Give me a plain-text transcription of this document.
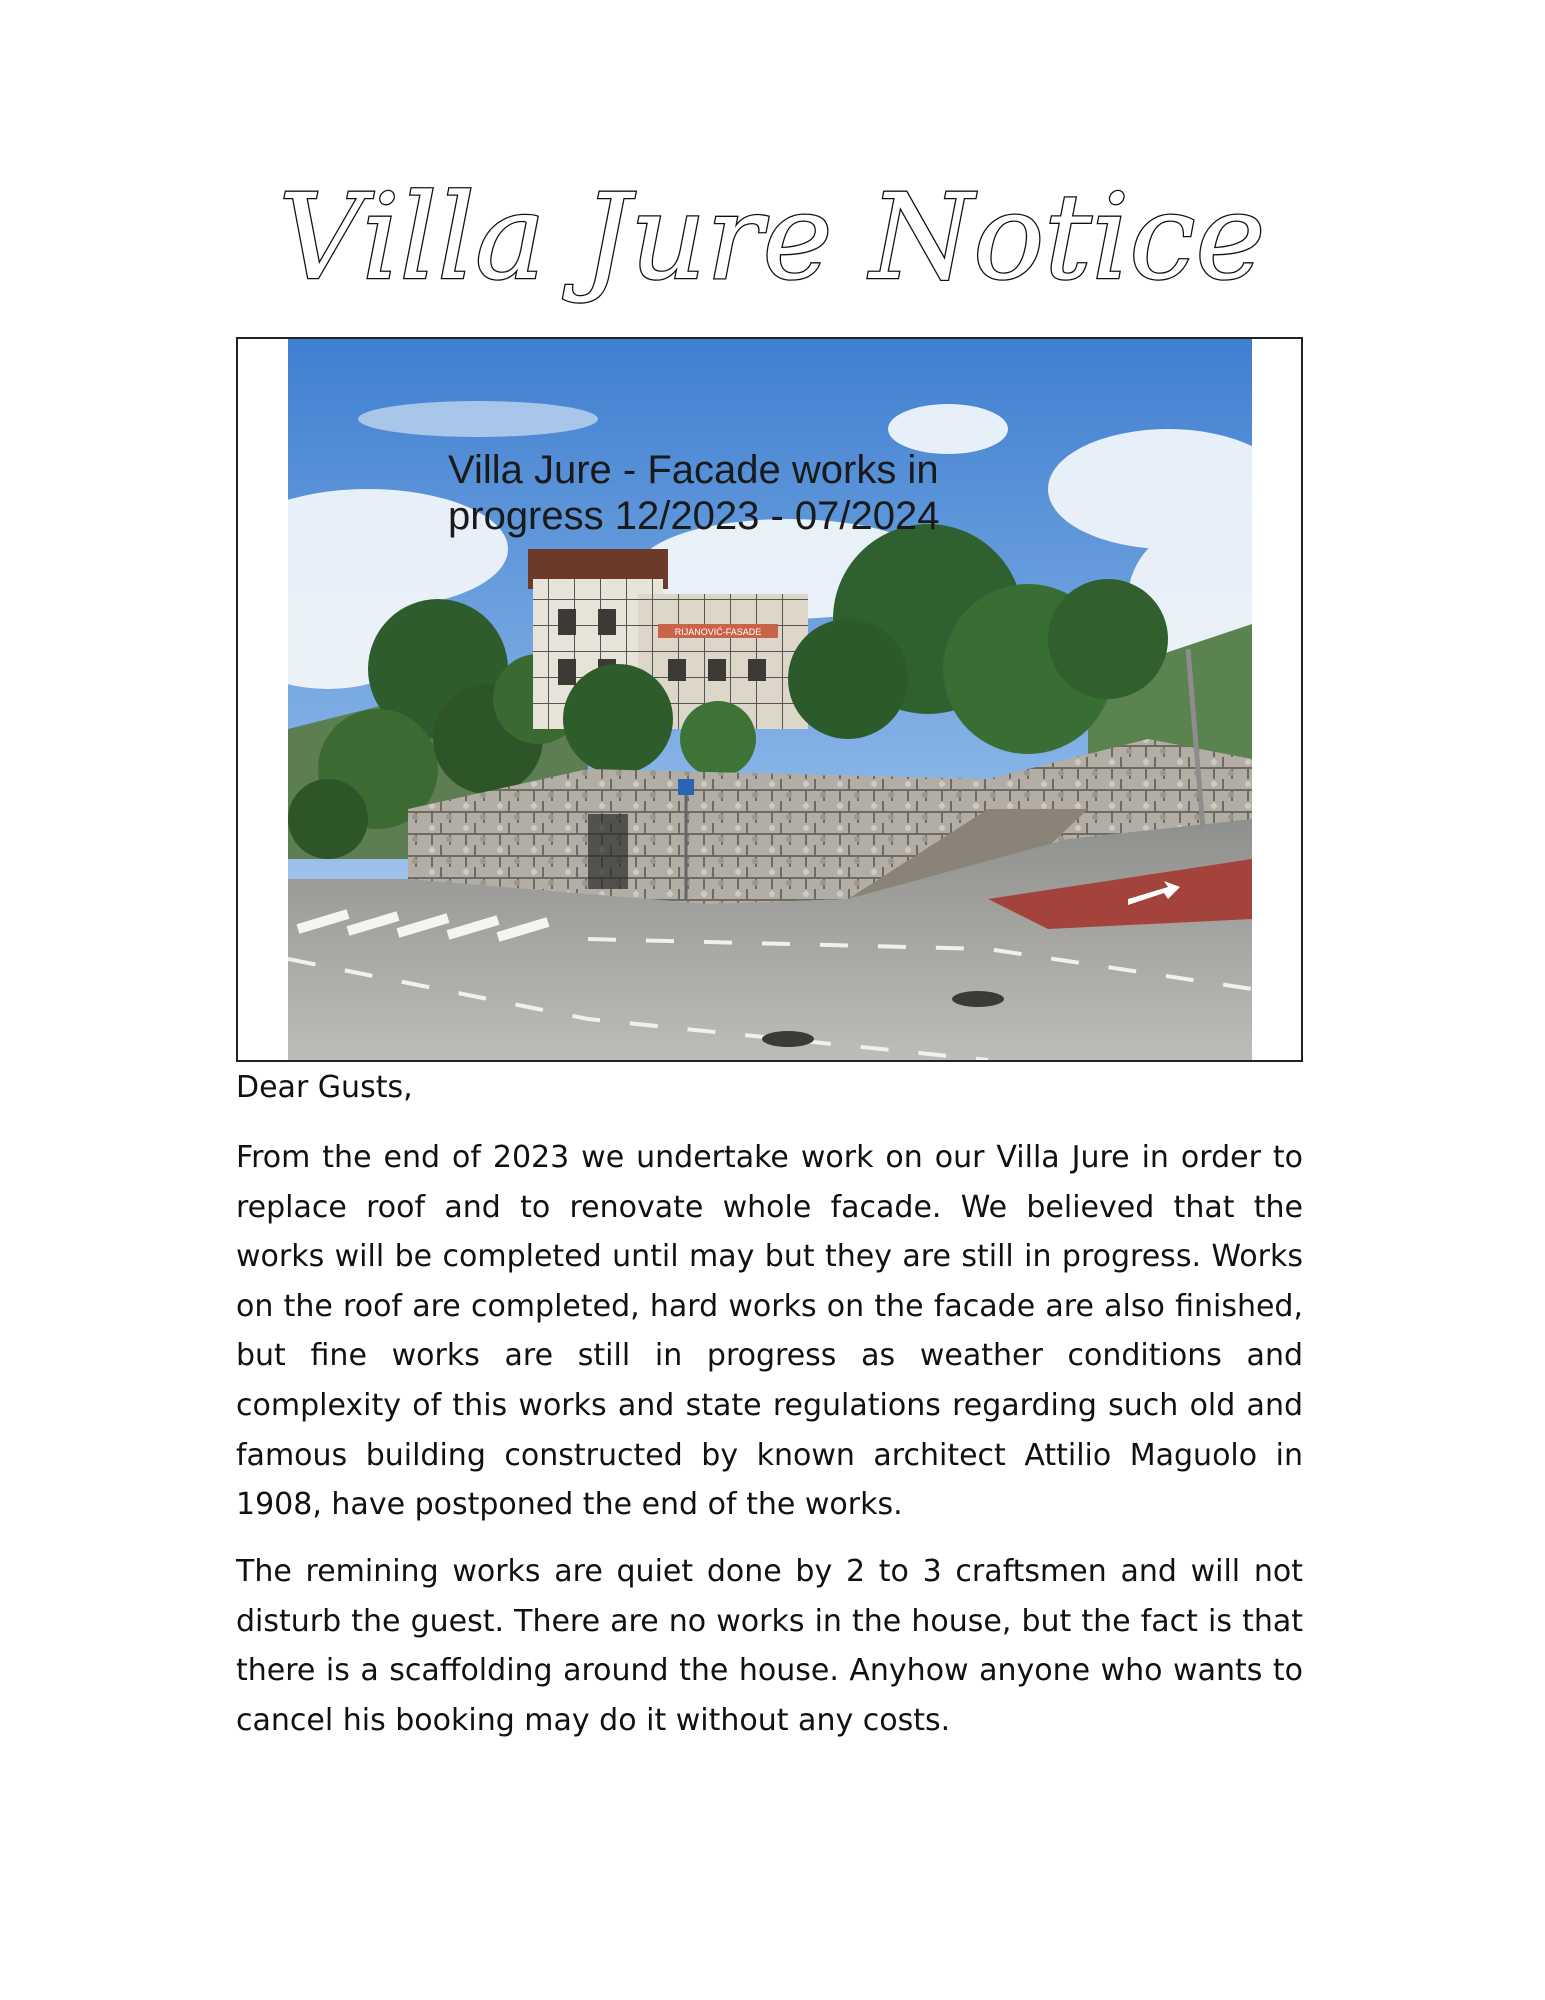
Villa Jure Notice
RIJANOVIĆ-FASADE
Villa Jure - Facade works in
progress 12/2023 - 07/2024
Dear Gusts,

From the end of 2023 we undertake work on our Villa Jure in order to replace roof and to renovate whole facade. We believed that the works will be completed until may but they are still in progress. Works on the roof are completed, hard works on the facade are also finished, but fine works are still in progress as weather conditions and complexity of this works and state regulations regarding such old and famous building constructed by known architect Attilio Maguolo in 1908, have postponed the end of the works.

The remining works are quiet done by 2 to 3 craftsmen and will not disturb the guest. There are no works in the house, but the fact is that there is a scaffolding around the house. Anyhow anyone who wants to cancel his booking may do it without any costs.
